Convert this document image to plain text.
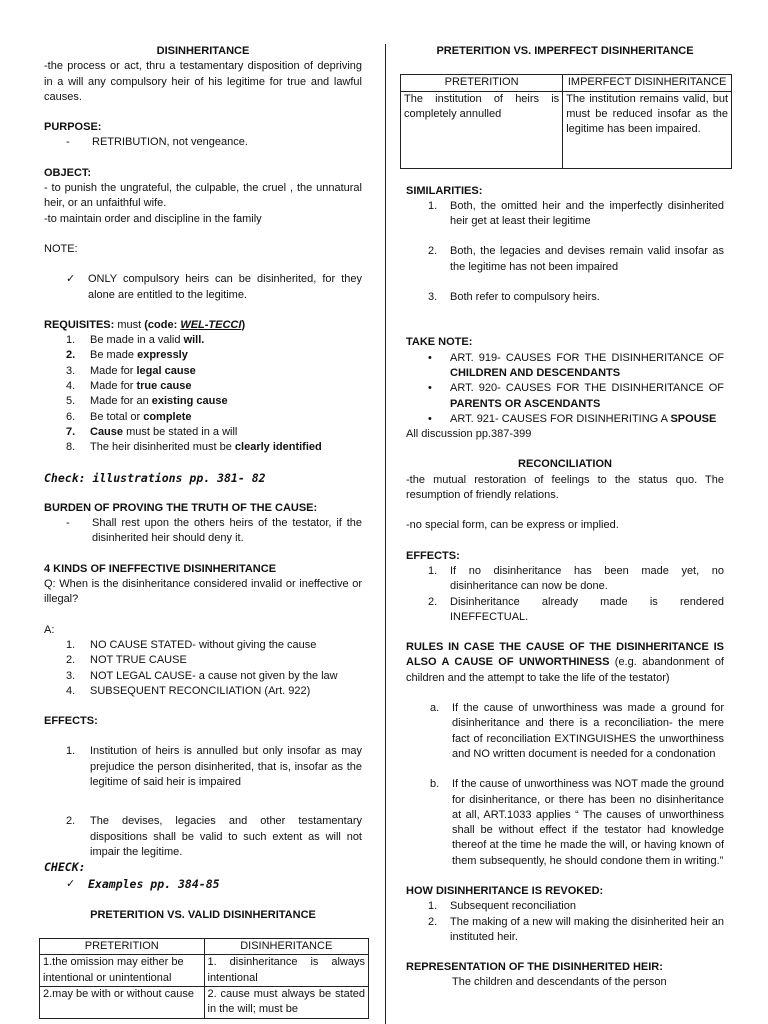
DISINHERITANCE
-the process or act, thru a testamentary disposition of depriving in a will any compulsory heir of his legitime for true and lawful causes.
PURPOSE:
-	RETRIBUTION, not vengeance.
OBJECT:
- to punish the ungrateful, the culpable, the cruel , the unnatural heir, or an unfaithful wife.
-to maintain order and discipline in the family
NOTE:
✓	ONLY compulsory heirs can be disinherited, for they alone are entitled to the legitime.
REQUISITES: must (code: WEL-TECCI)
1.	Be made in a valid will.
2.	Be made expressly
3.	Made for legal cause
4.	Made for true cause
5.	Made for an existing cause
6.	Be total or complete
7.	Cause must be stated in a will
8.	The heir disinherited must be clearly identified
Check: illustrations pp. 381- 82
BURDEN OF PROVING THE TRUTH OF THE CAUSE:
-	Shall rest upon the others heirs of the testator, if the disinherited heir should deny it.
4 KINDS OF INEFFECTIVE DISINHERITANCE
Q: When is the disinheritance considered invalid or ineffective or illegal?
A:
1.	NO CAUSE STATED- without giving the cause
2.	NOT TRUE CAUSE
3.	NOT LEGAL CAUSE- a cause not given by the law
4.	SUBSEQUENT RECONCILIATION (Art. 922)
EFFECTS:
1.	Institution of heirs is annulled but only insofar as may prejudice the person disinherited, that is, insofar as the legitime of said heir is impaired
2.	The devises, legacies and other testamentary dispositions shall be valid to such extent as will not impair the legitime.
CHECK:
✓	Examples pp. 384-85
PRETERITION VS. VALID DISINHERITANCE
PRETERITION	DISINHERITANCE
1.the omission may either be intentional or unintentional	1. disinheritance is always intentional
2.may be with or without cause	2. cause must always be stated in the will; must be
PRETERITION VS. IMPERFECT DISINHERITANCE
PRETERITION	IMPERFECT DISINHERITANCE
The institution of heirs is completely annulled	The institution remains valid, but must be reduced insofar as the legitime has been impaired.
SIMILARITIES:
1.	Both, the omitted heir and the imperfectly disinherited heir get at least their legitime
2.	Both, the legacies and devises remain valid insofar as the legitime has not been impaired
3.	Both refer to compulsory heirs.
TAKE NOTE:
•	ART. 919- CAUSES FOR THE DISINHERITANCE OF CHILDREN AND DESCENDANTS
•	ART. 920- CAUSES FOR THE DISINHERITANCE OF PARENTS OR ASCENDANTS
•	ART. 921- CAUSES FOR DISINHERITING A SPOUSE
All discussion pp.387-399
RECONCILIATION
-the mutual restoration of feelings to the status quo. The resumption of friendly relations.
-no special form, can be express or implied.
EFFECTS:
1.	If no disinheritance has been made yet, no disinheritance can now be done.
2.	Disinheritance already made is rendered INEFFECTUAL.
RULES IN CASE THE CAUSE OF THE DISINHERITANCE IS ALSO A CAUSE OF UNWORTHINESS (e.g. abandonment of children and the attempt to take the life of the testator)
a.	If the cause of unworthiness was made a ground for disinheritance and there is a reconciliation- the mere fact of reconciliation EXTINGUISHES the unworthiness and NO written document is needed for a condonation
b.	If the cause of unworthiness was NOT made the ground for disinheritance, or there has been no disinheritance at all, ART.1033 applies “ The causes of unworthiness shall be without effect if the testator had knowledge thereof at the time he made the will, or having known of them subsequently, he should condone them in writing.”
HOW DISINHERITANCE IS REVOKED:
1.	Subsequent reconciliation
2.	The making of a new will making the disinherited heir an instituted heir.
REPRESENTATION OF THE DISINHERITED HEIR:
The children and descendants of the person
